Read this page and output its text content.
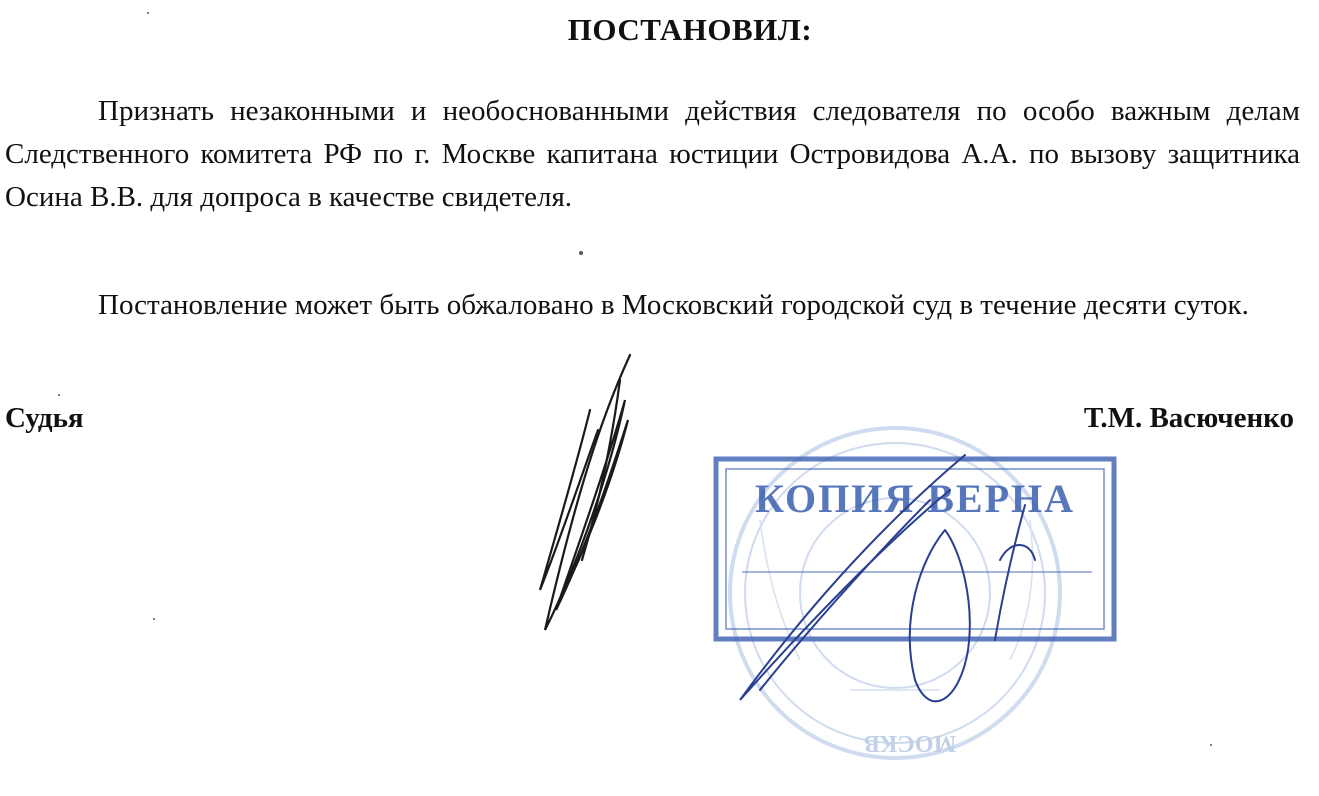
ПОСТАНОВИЛ:

Признать незаконными и необоснованными действия следователя по особо важным делам Следственного комитета РФ по г. Москве капитана юстиции Островидова А.А. по вызову защитника Осина В.В. для допроса в качестве свидетеля.

Постановление может быть обжаловано в Московский городской суд в течение десяти суток.

Судья	Т.М. Васюченко
МОСКВ
КОПИЯ ВЕРНА
